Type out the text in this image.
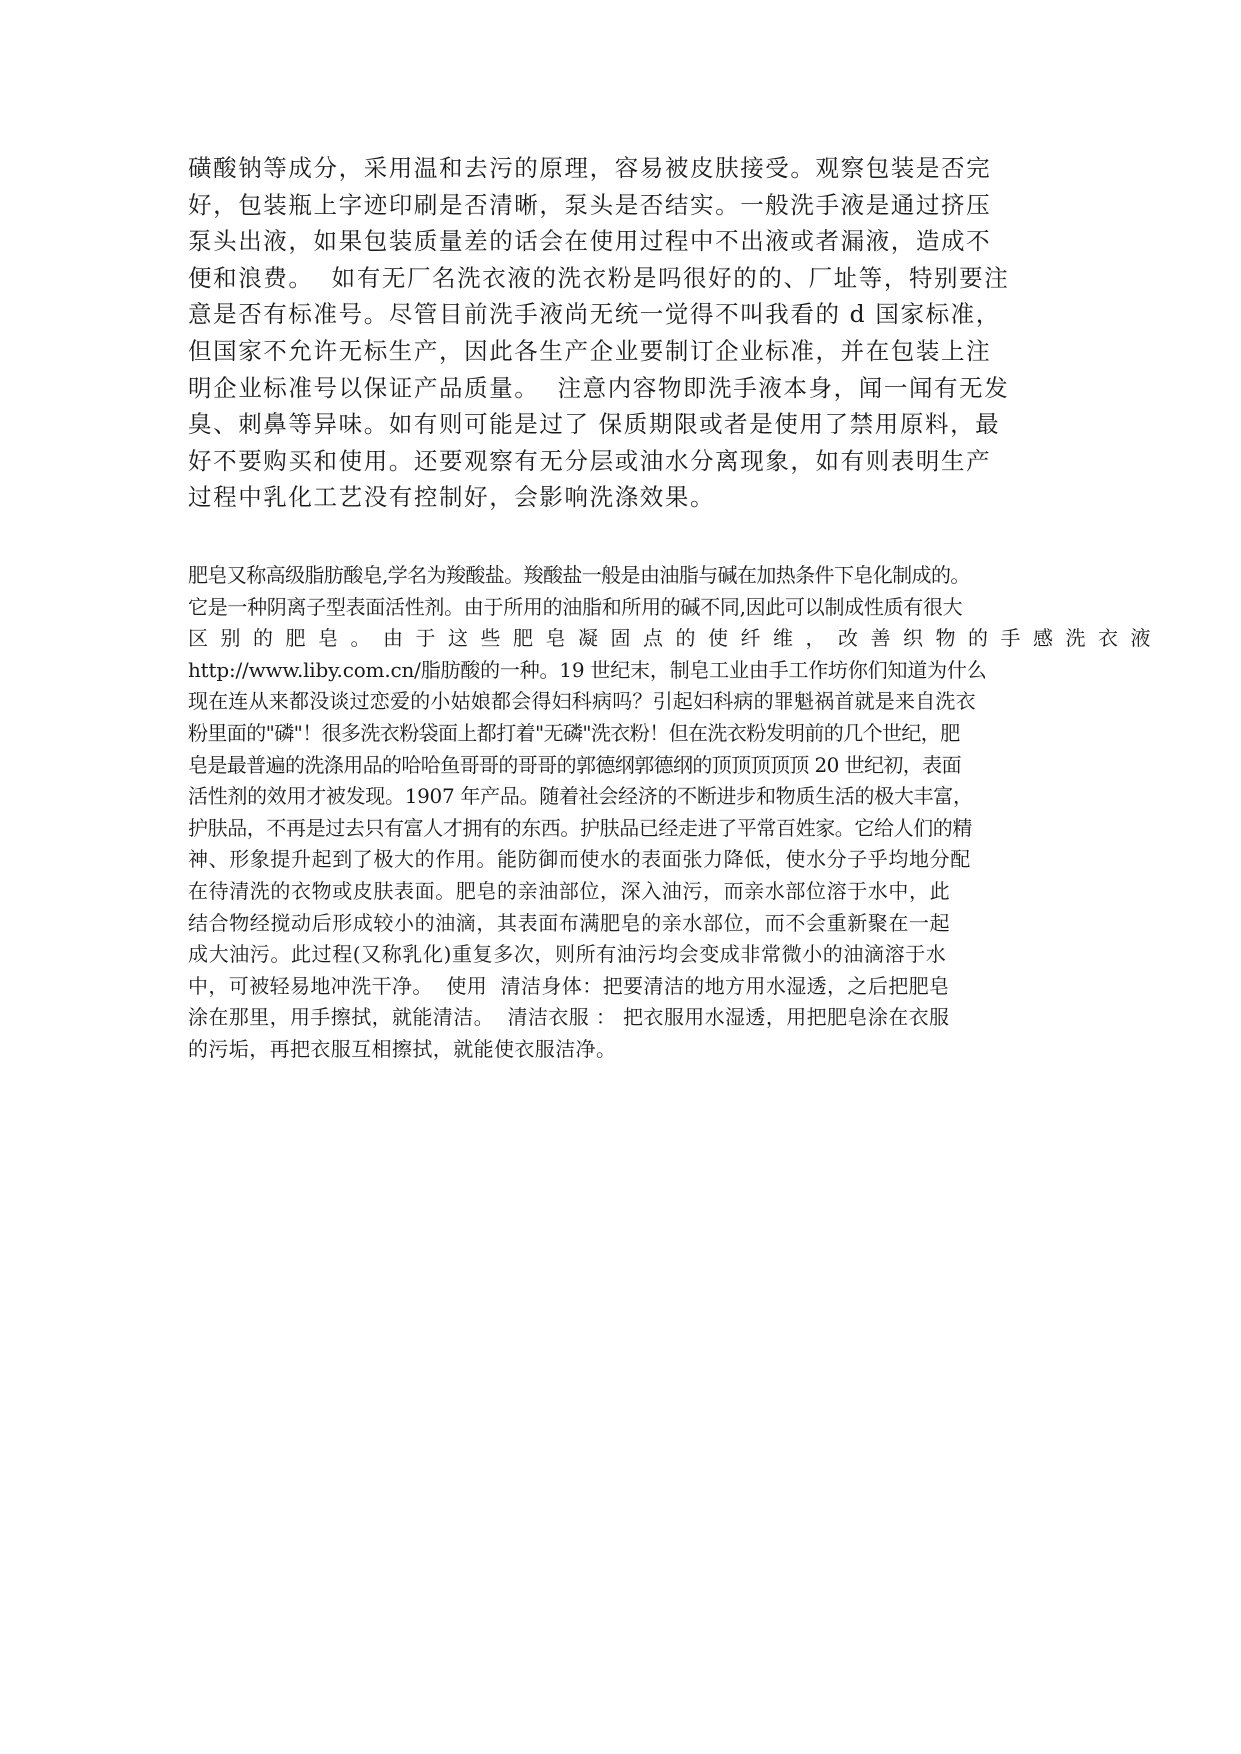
磺酸钠等成分，采用温和去污的原理，容易被皮肤接受。观察包装是否完
好，包装瓶上字迹印刷是否清晰，泵头是否结实。一般洗手液是通过挤压
泵头出液，如果包装质量差的话会在使用过程中不出液或者漏液，造成不
便和浪费。  如有无厂名洗衣液的洗衣粉是吗很好的的、厂址等，特别要注
意是否有标准号。尽管目前洗手液尚无统一觉得不叫我看的 d 国家标准，
但国家不允许无标生产，因此各生产企业要制订企业标准，并在包装上注
明企业标准号以保证产品质量。  注意内容物即洗手液本身，闻一闻有无发
臭、刺鼻等异味。如有则可能是过了 保质期限或者是使用了禁用原料，最
好不要购买和使用。还要观察有无分层或油水分离现象，如有则表明生产
过程中乳化工艺没有控制好，会影响洗涤效果。
肥皂又称高级脂肪酸皂,学名为羧酸盐。羧酸盐一般是由油脂与碱在加热条件下皂化制成的。
它是一种阴离子型表面活性剂。由于所用的油脂和所用的碱不同,因此可以制成性质有很大
区别的肥皂。由于这些肥皂凝固点的使纤维，改善织物的手感洗衣液
http://www.liby.com.cn/脂肪酸的一种。19 世纪末，制皂工业由手工作坊你们知道为什么
现在连从来都没谈过恋爱的小姑娘都会得妇科病吗？引起妇科病的罪魁祸首就是来自洗衣
粉里面的"磷"！很多洗衣粉袋面上都打着"无磷"洗衣粉！但在洗衣粉发明前的几个世纪，肥
皂是最普遍的洗涤用品的哈哈鱼哥哥的哥哥的郭德纲郭德纲的顶顶顶顶顶 20 世纪初，表面
活性剂的效用才被发现。1907 年产品。随着社会经济的不断进步和物质生活的极大丰富，
护肤品，不再是过去只有富人才拥有的东西。护肤品已经走进了平常百姓家。它给人们的精
神、形象提升起到了极大的作用。能防御而使水的表面张力降低，使水分子乎均地分配
在待清洗的衣物或皮肤表面。肥皂的亲油部位，深入油污，而亲水部位溶于水中，此
结合物经搅动后形成较小的油滴，其表面布满肥皂的亲水部位，而不会重新聚在一起
成大油污。此过程(又称乳化)重复多次，则所有油污均会变成非常微小的油滴溶于水
中，可被轻易地冲洗干净。  使用  清洁身体：把要清洁的地方用水湿透，之后把肥皂
涂在那里，用手擦拭，就能清洁。  清洁衣服 ： 把衣服用水湿透，用把肥皂涂在衣服
的污垢，再把衣服互相擦拭，就能使衣服洁净。
